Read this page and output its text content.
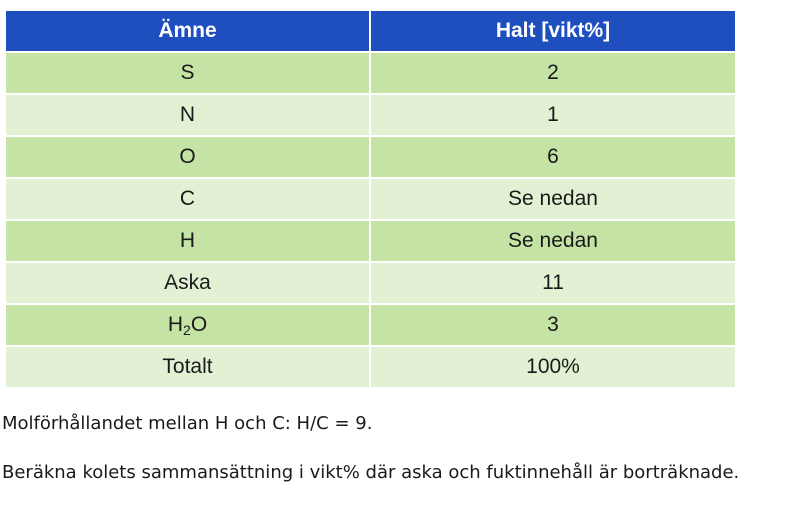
Ämne	Halt [vikt%]
S	2
N	1
O	6
C	Se nedan
H	Se nedan
Aska	11
$H_2O$	3
Totalt	100%
Molförhållandet mellan H och C: H/C = 9.
Beräkna kolets sammansättning i vikt% där aska och fuktinnehåll är borträknade.
